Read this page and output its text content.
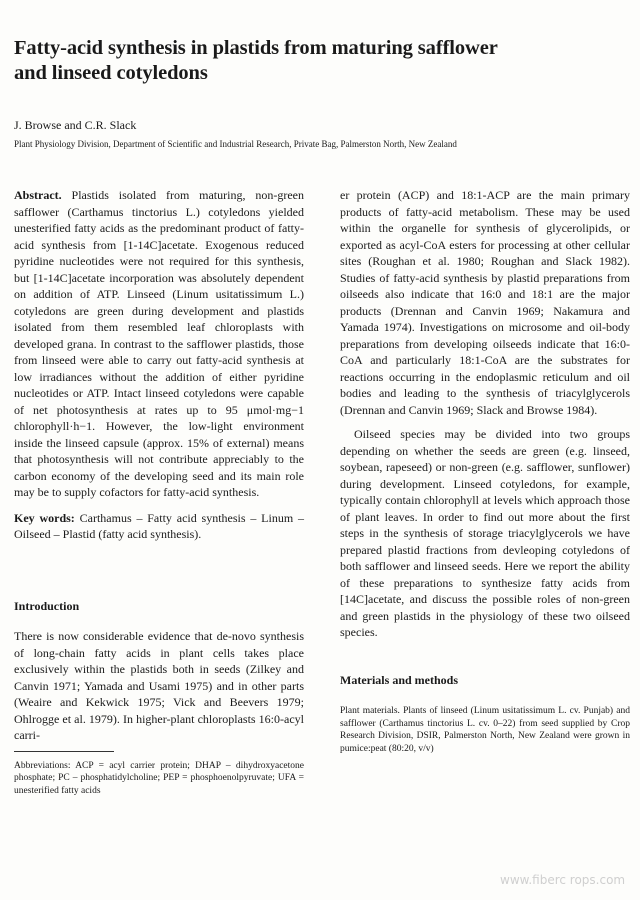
Fatty-acid synthesis in plastids from maturing safflower
and linseed cotyledons
J. Browse and C.R. Slack
Plant Physiology Division, Department of Scientific and Industrial Research, Private Bag, Palmerston North, New Zealand

Abstract. Plastids isolated from maturing, non-green safflower (Carthamus tinctorius L.) cotyledons yielded unesterified fatty acids as the predominant product of fatty-acid synthesis from [1-14C]acetate. Exogenous reduced pyridine nucleotides were not required for this synthesis, but [1-14C]acetate incorporation was absolutely dependent on addition of ATP. Linseed (Linum usitatissimum L.) cotyledons are green during development and plastids isolated from them resembled leaf chloroplasts with developed grana. In contrast to the safflower plastids, those from linseed were able to carry out fatty-acid synthesis at low irradiances without the addition of either pyridine nucleotides or ATP. Intact linseed cotyledons were capable of net photosynthesis at rates up to 95 μmol·mg−1 chlorophyll·h−1. However, the low-light environment inside the linseed capsule (approx. 15% of external) means that photosynthesis will not contribute appreciably to the carbon economy of the developing seed and its main role may be to supply cofactors for fatty-acid synthesis.

Key words: Carthamus – Fatty acid synthesis – Linum – Oilseed – Plastid (fatty acid synthesis).

Introduction

There is now considerable evidence that de-novo synthesis of long-chain fatty acids in plant cells takes place exclusively within the plastids both in seeds (Zilkey and Canvin 1971; Yamada and Usami 1975) and in other parts (Weaire and Kekwick 1975; Vick and Beevers 1979; Ohlrogge et al. 1979). In higher-plant chloroplasts 16:0-acyl carri-

Abbreviations: ACP = acyl carrier protein; DHAP – dihydroxyacetone phosphate; PC – phosphatidylcholine; PEP = phosphoenolpyruvate; UFA = unesterified fatty acids

er protein (ACP) and 18:1-ACP are the main primary products of fatty-acid metabolism. These may be used within the organelle for synthesis of glycerolipids, or exported as acyl-CoA esters for processing at other cellular sites (Roughan et al. 1980; Roughan and Slack 1982). Studies of fatty-acid synthesis by plastid preparations from oilseeds also indicate that 16:0 and 18:1 are the major products (Drennan and Canvin 1969; Nakamura and Yamada 1974). Investigations on microsome and oil-body preparations from developing oilseeds indicate that 16:0-CoA and particularly 18:1-CoA are the substrates for reactions occurring in the endoplasmic reticulum and oil bodies and leading to the synthesis of triacylglycerols (Drennan and Canvin 1969; Slack and Browse 1984).

Oilseed species may be divided into two groups depending on whether the seeds are green (e.g. linseed, soybean, rapeseed) or non-green (e.g. safflower, sunflower) during development. Linseed cotyledons, for example, typically contain chlorophyll at levels which approach those of plant leaves. In order to find out more about the first steps in the synthesis of storage triacylglycerols we have prepared plastid fractions from devleoping cotyledons of both safflower and linseed seeds. Here we report the ability of these preparations to synthesize fatty acids from [14C]acetate, and discuss the possible roles of non-green and green plastids in the physiology of these two oilseed species.

Materials and methods

Plant materials. Plants of linseed (Linum usitatissimum L. cv. Punjab) and safflower (Carthamus tinctorius L. cv. 0–22) from seed supplied by Crop Research Division, DSIR, Palmerston North, New Zealand were grown in pumice:peat (80:20, v/v)

www.fiberc rops.com
